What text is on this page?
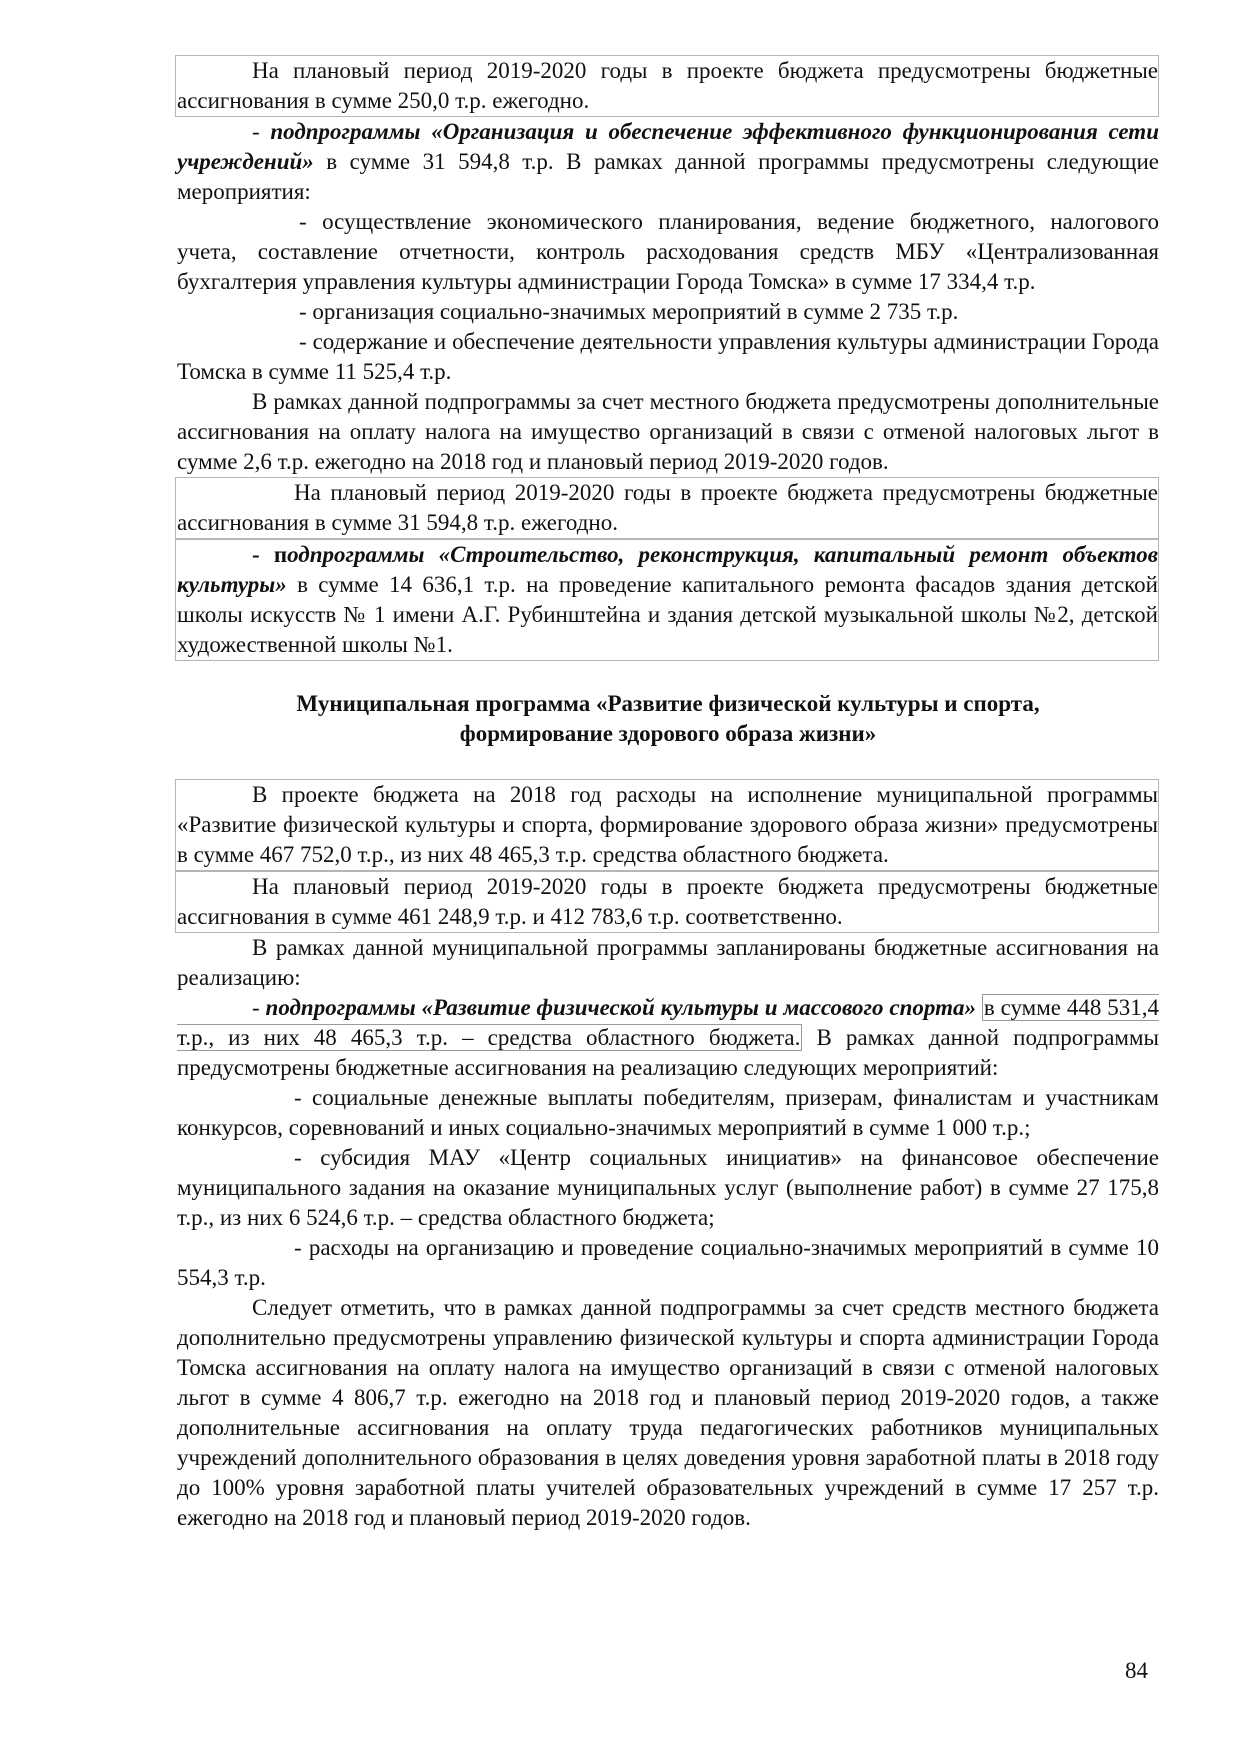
На плановый период 2019-2020 годы в проекте бюджета предусмотрены бюджетные ассигнования в сумме 250,0 т.р. ежегодно.

- подпрограммы «Организация и обеспечение эффективного функционирования сети учреждений» в сумме 31 594,8 т.р. В рамках данной программы предусмотрены следующие мероприятия:

- осуществление экономического планирования, ведение бюджетного, налогового учета, составление отчетности, контроль расходования средств МБУ «Централизованная бухгалтерия управления культуры администрации Города Томска» в сумме 17 334,4 т.р.

- организация социально-значимых мероприятий в сумме 2 735 т.р.

- содержание и обеспечение деятельности управления культуры администрации Города Томска в сумме 11 525,4 т.р.

В рамках данной подпрограммы за счет местного бюджета предусмотрены дополнительные ассигнования на оплату налога на имущество организаций в связи с отменой налоговых льгот в сумме 2,6 т.р. ежегодно на 2018 год и плановый период 2019-2020 годов.

На плановый период 2019-2020 годы в проекте бюджета предусмотрены бюджетные ассигнования в сумме 31 594,8 т.р. ежегодно.

- подпрограммы «Строительство, реконструкция, капитальный ремонт объектов культуры» в сумме 14 636,1 т.р. на проведение капитального ремонта фасадов здания детской школы искусств № 1 имени А.Г. Рубинштейна и здания детской музыкальной школы №2, детской художественной школы №1.

Муниципальная программа «Развитие физической культуры и спорта,
формирование здорового образа жизни»

В проекте бюджета на 2018 год расходы на исполнение муниципальной программы «Развитие физической культуры и спорта, формирование здорового образа жизни» предусмотрены в сумме 467 752,0 т.р., из них 48 465,3 т.р. средства областного бюджета.

На плановый период 2019-2020 годы в проекте бюджета предусмотрены бюджетные ассигнования в сумме 461 248,9 т.р. и 412 783,6 т.р. соответственно.

В рамках данной муниципальной программы запланированы бюджетные ассигнования на реализацию:

- подпрограммы «Развитие физической культуры и массового спорта» в сумме 448 531,4 т.р., из них 48 465,3 т.р. – средства областного бюджета. В рамках данной подпрограммы предусмотрены бюджетные ассигнования на реализацию следующих мероприятий:

- социальные денежные выплаты победителям, призерам, финалистам и участникам конкурсов, соревнований и иных социально-значимых мероприятий в сумме 1 000 т.р.;

- субсидия МАУ «Центр социальных инициатив» на финансовое обеспечение муниципального задания на оказание муниципальных услуг (выполнение работ) в сумме 27 175,8 т.р., из них 6 524,6 т.р. – средства областного бюджета;

- расходы на организацию и проведение социально-значимых мероприятий в сумме 10 554,3 т.р.

Следует отметить, что в рамках данной подпрограммы за счет средств местного бюджета дополнительно предусмотрены управлению физической культуры и спорта администрации Города Томска ассигнования на оплату налога на имущество организаций в связи с отменой налоговых льгот в сумме 4 806,7 т.р. ежегодно на 2018 год и плановый период 2019-2020 годов, а также дополнительные ассигнования на оплату труда педагогических работников муниципальных учреждений дополнительного образования в целях доведения уровня заработной платы в 2018 году до 100% уровня заработной платы учителей образовательных учреждений в сумме 17 257 т.р. ежегодно на 2018 год и плановый период 2019-2020 годов.

84
